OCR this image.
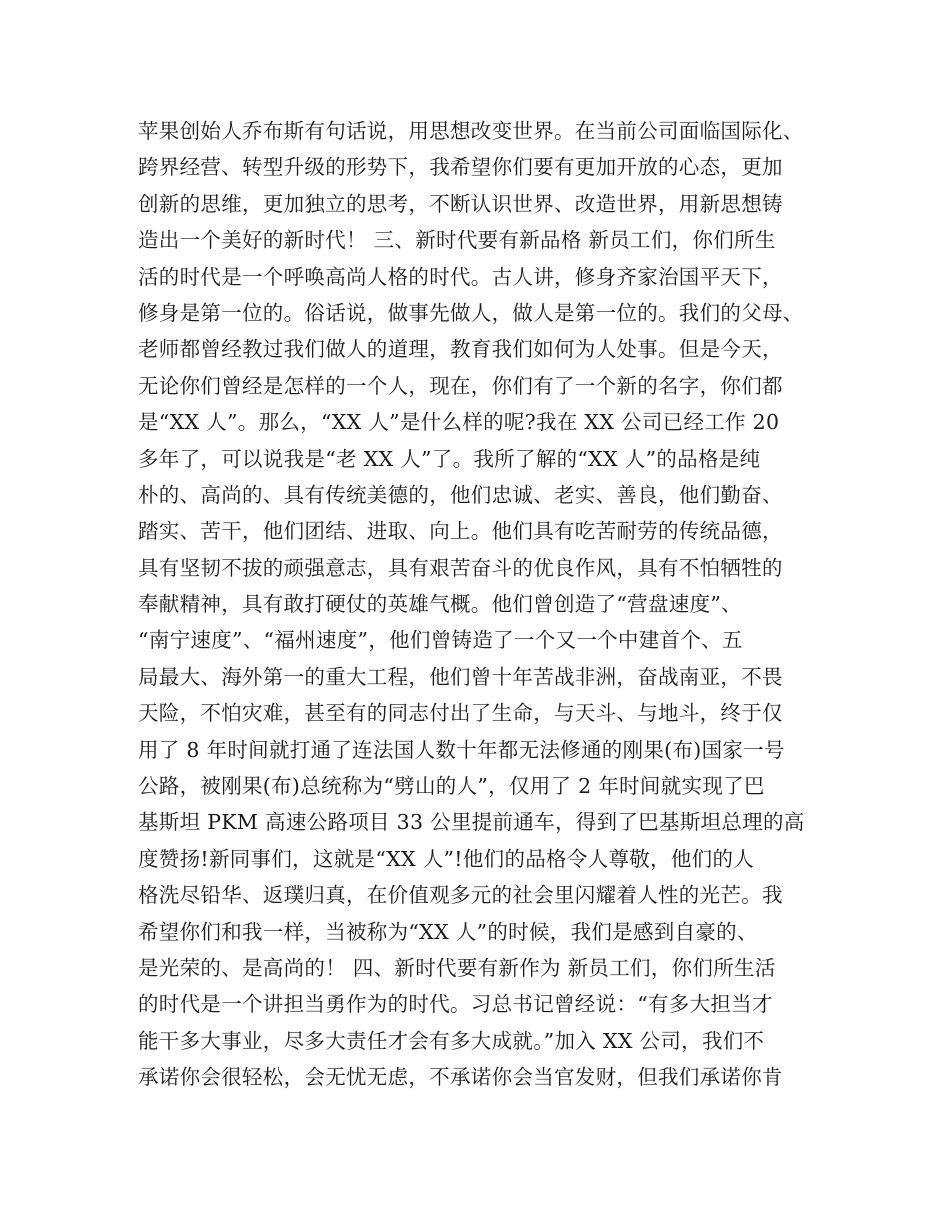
苹果创始人乔布斯有句话说，用思想改变世界。在当前公司面临国际化、
跨界经营、转型升级的形势下，我希望你们要有更加开放的心态，更加
创新的思维，更加独立的思考，不断认识世界、改造世界，用新思想铸
造出一个美好的新时代！ 三、新时代要有新品格 新员工们，你们所生
活的时代是一个呼唤高尚人格的时代。古人讲，修身齐家治国平天下，
修身是第一位的。俗话说，做事先做人，做人是第一位的。我们的父母、
老师都曾经教过我们做人的道理，教育我们如何为人处事。但是今天，
无论你们曾经是怎样的一个人，现在，你们有了一个新的名字，你们都
是“XX 人”。那么，“XX 人”是什么样的呢?我在 XX 公司已经工作 20
多年了，可以说我是“老 XX 人”了。我所了解的“XX 人”的品格是纯
朴的、高尚的、具有传统美德的，他们忠诚、老实、善良，他们勤奋、
踏实、苦干，他们团结、进取、向上。他们具有吃苦耐劳的传统品德，
具有坚韧不拔的顽强意志，具有艰苦奋斗的优良作风，具有不怕牺牲的
奉献精神，具有敢打硬仗的英雄气概。他们曾创造了“营盘速度”、
“南宁速度”、“福州速度”，他们曾铸造了一个又一个中建首个、五
局最大、海外第一的重大工程，他们曾十年苦战非洲，奋战南亚，不畏
天险，不怕灾难，甚至有的同志付出了生命，与天斗、与地斗，终于仅
用了 8 年时间就打通了连法国人数十年都无法修通的刚果(布)国家一号
公路，被刚果(布)总统称为“劈山的人”，仅用了 2 年时间就实现了巴
基斯坦 PKM 高速公路项目 33 公里提前通车，得到了巴基斯坦总理的高
度赞扬!新同事们，这就是“XX 人”!他们的品格令人尊敬，他们的人
格洗尽铅华、返璞归真，在价值观多元的社会里闪耀着人性的光芒。我
希望你们和我一样，当被称为“XX 人”的时候，我们是感到自豪的、
是光荣的、是高尚的！ 四、新时代要有新作为 新员工们，你们所生活
的时代是一个讲担当勇作为的时代。习总书记曾经说：“有多大担当才
能干多大事业，尽多大责任才会有多大成就。”加入 XX 公司，我们不
承诺你会很轻松，会无忧无虑，不承诺你会当官发财，但我们承诺你肯
